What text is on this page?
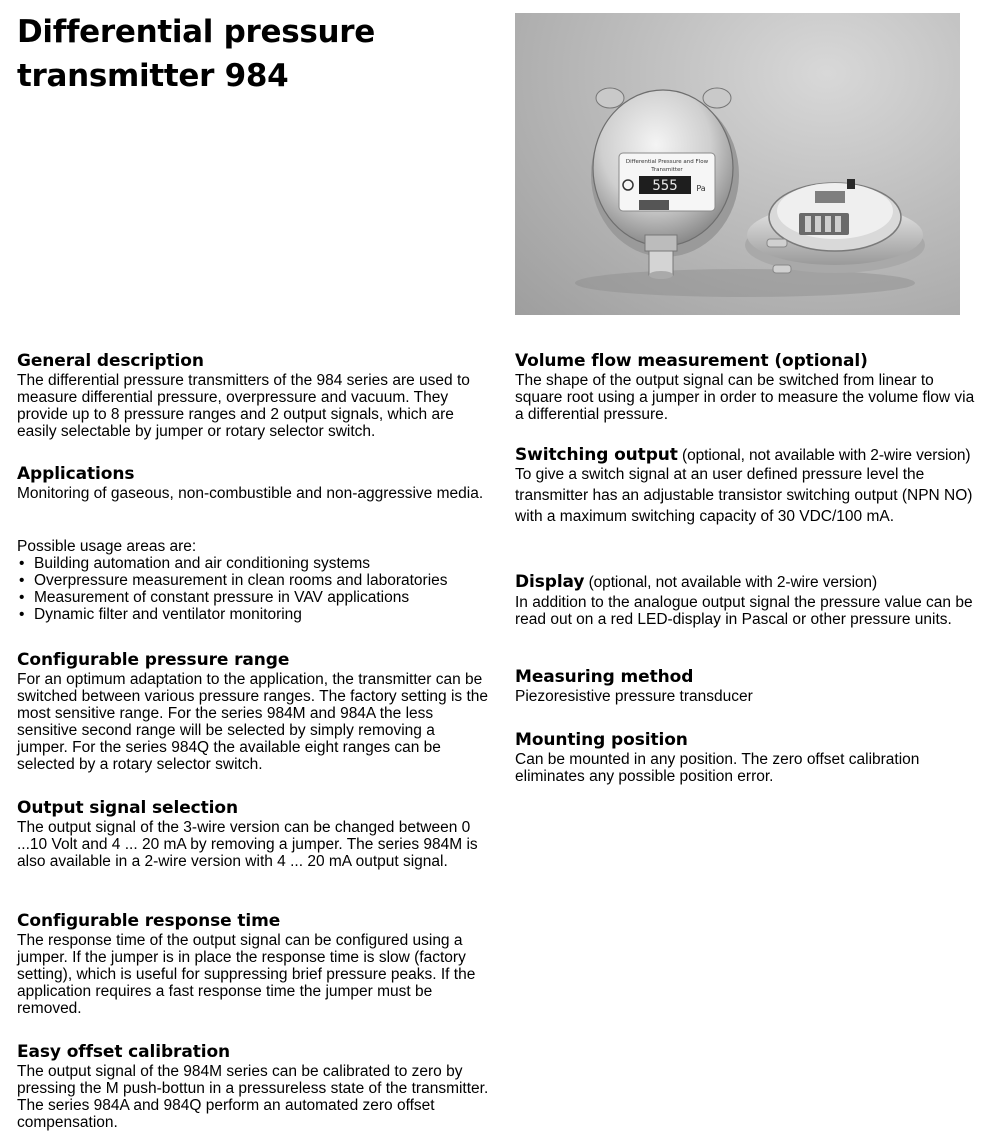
Differential pressure
transmitter 984
Differential Pressure and Flow
Transmitter
555 Pa
General description

The differential pressure transmitters of the 984 series are used to measure differential pressure, overpressure and vacuum. They provide up to 8 pressure ranges and 2 output signals, which are easily selectable by jumper or rotary selector switch.

Applications

Monitoring of gaseous, non-combustible and non-aggressive media.

Possible usage areas are:

• Building automation and air conditioning systems
• Overpressure measurement in clean rooms and laboratories
• Measurement of constant pressure in VAV applications
• Dynamic filter and ventilator monitoring
Configurable pressure range

For an optimum adaptation to the application, the transmitter can be switched between various pressure ranges. The factory setting is the most sensitive range. For the series 984M and 984A the less sensitive second range will be selected by simply removing a jumper. For the series 984Q the available eight ranges can be selected by a rotary selector switch.

Output signal selection

The output signal of the 3-wire version can be changed between 0 ...10 Volt and 4 ... 20 mA by removing a jumper. The series 984M is also available in a 2-wire version with 4 ... 20 mA output signal.

Configurable response time

The response time of the output signal can be configured using a jumper. If the jumper is in place the response time is slow (factory setting), which is useful for suppressing brief pressure peaks. If the application requires a fast response time the jumper must be removed.

Easy offset calibration

The output signal of the 984M series can be calibrated to zero by pressing the M push-bottun in a pressureless state of the transmitter. The series 984A and 984Q perform an automated zero offset compensation.

Volume flow measurement (optional)

The shape of the output signal can be switched from linear to square root using a jumper in order to measure the volume flow via a differential pressure.

Switching output (optional, not available with 2-wire version)

To give a switch signal at an user defined pressure level the transmitter has an adjustable transistor switching output (NPN NO) with a maximum switching capacity of 30 VDC/100 mA.

Display (optional, not available with 2-wire version)

In addition to the analogue output signal the pressure value can be read out on a red LED-display in Pascal or other pressure units.

Measuring method

Piezoresistive pressure transducer

Mounting position

Can be mounted in any position. The zero offset calibration eliminates any possible position error.
